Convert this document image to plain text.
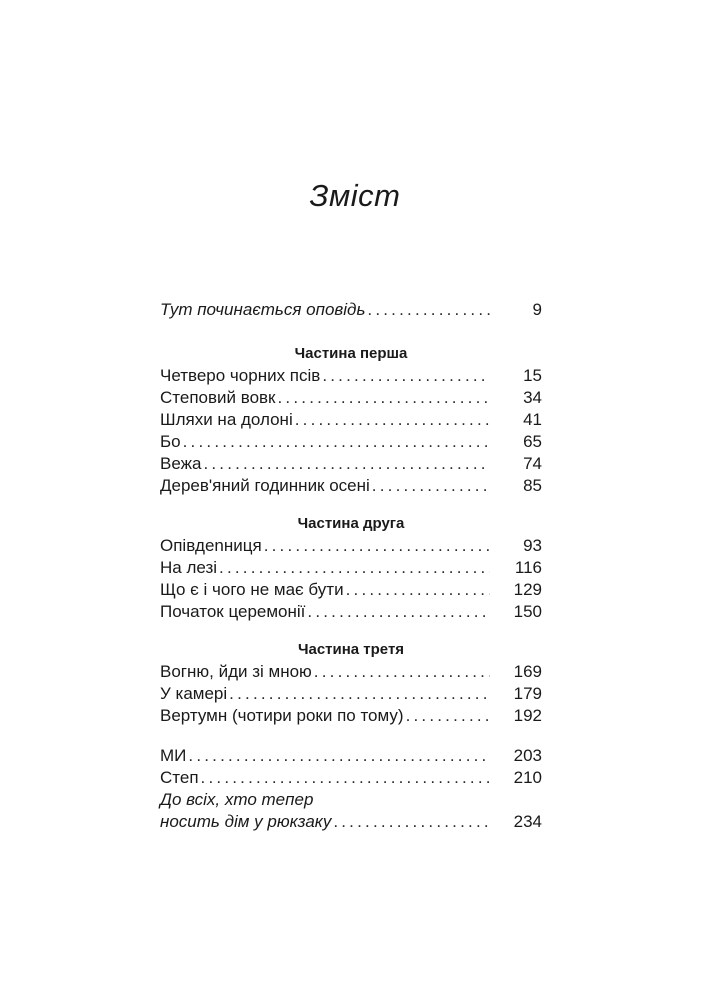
Зміст
Тут починається оповідь .....	9
Частина перша
Четверо чорних псів .....	15
Степовий вовк .....	34
Шляхи на долоні .....	41
Бо .....	65
Вежа .....	74
Дерев'яний годинник осені .....	85
Частина друга
Опівдenниця .....	93
На лезі .....	116
Що є і чого не має бути .....	129
Початок церемонії .....	150
Частина третя
Вогню, йди зі мною .....	169
У камері .....	179
Вертумн (чотири роки по тому) .....	192
МИ .....	203
Степ .....	210
До всіх, хто тепер
носить дім у рюкзаку .....	234
